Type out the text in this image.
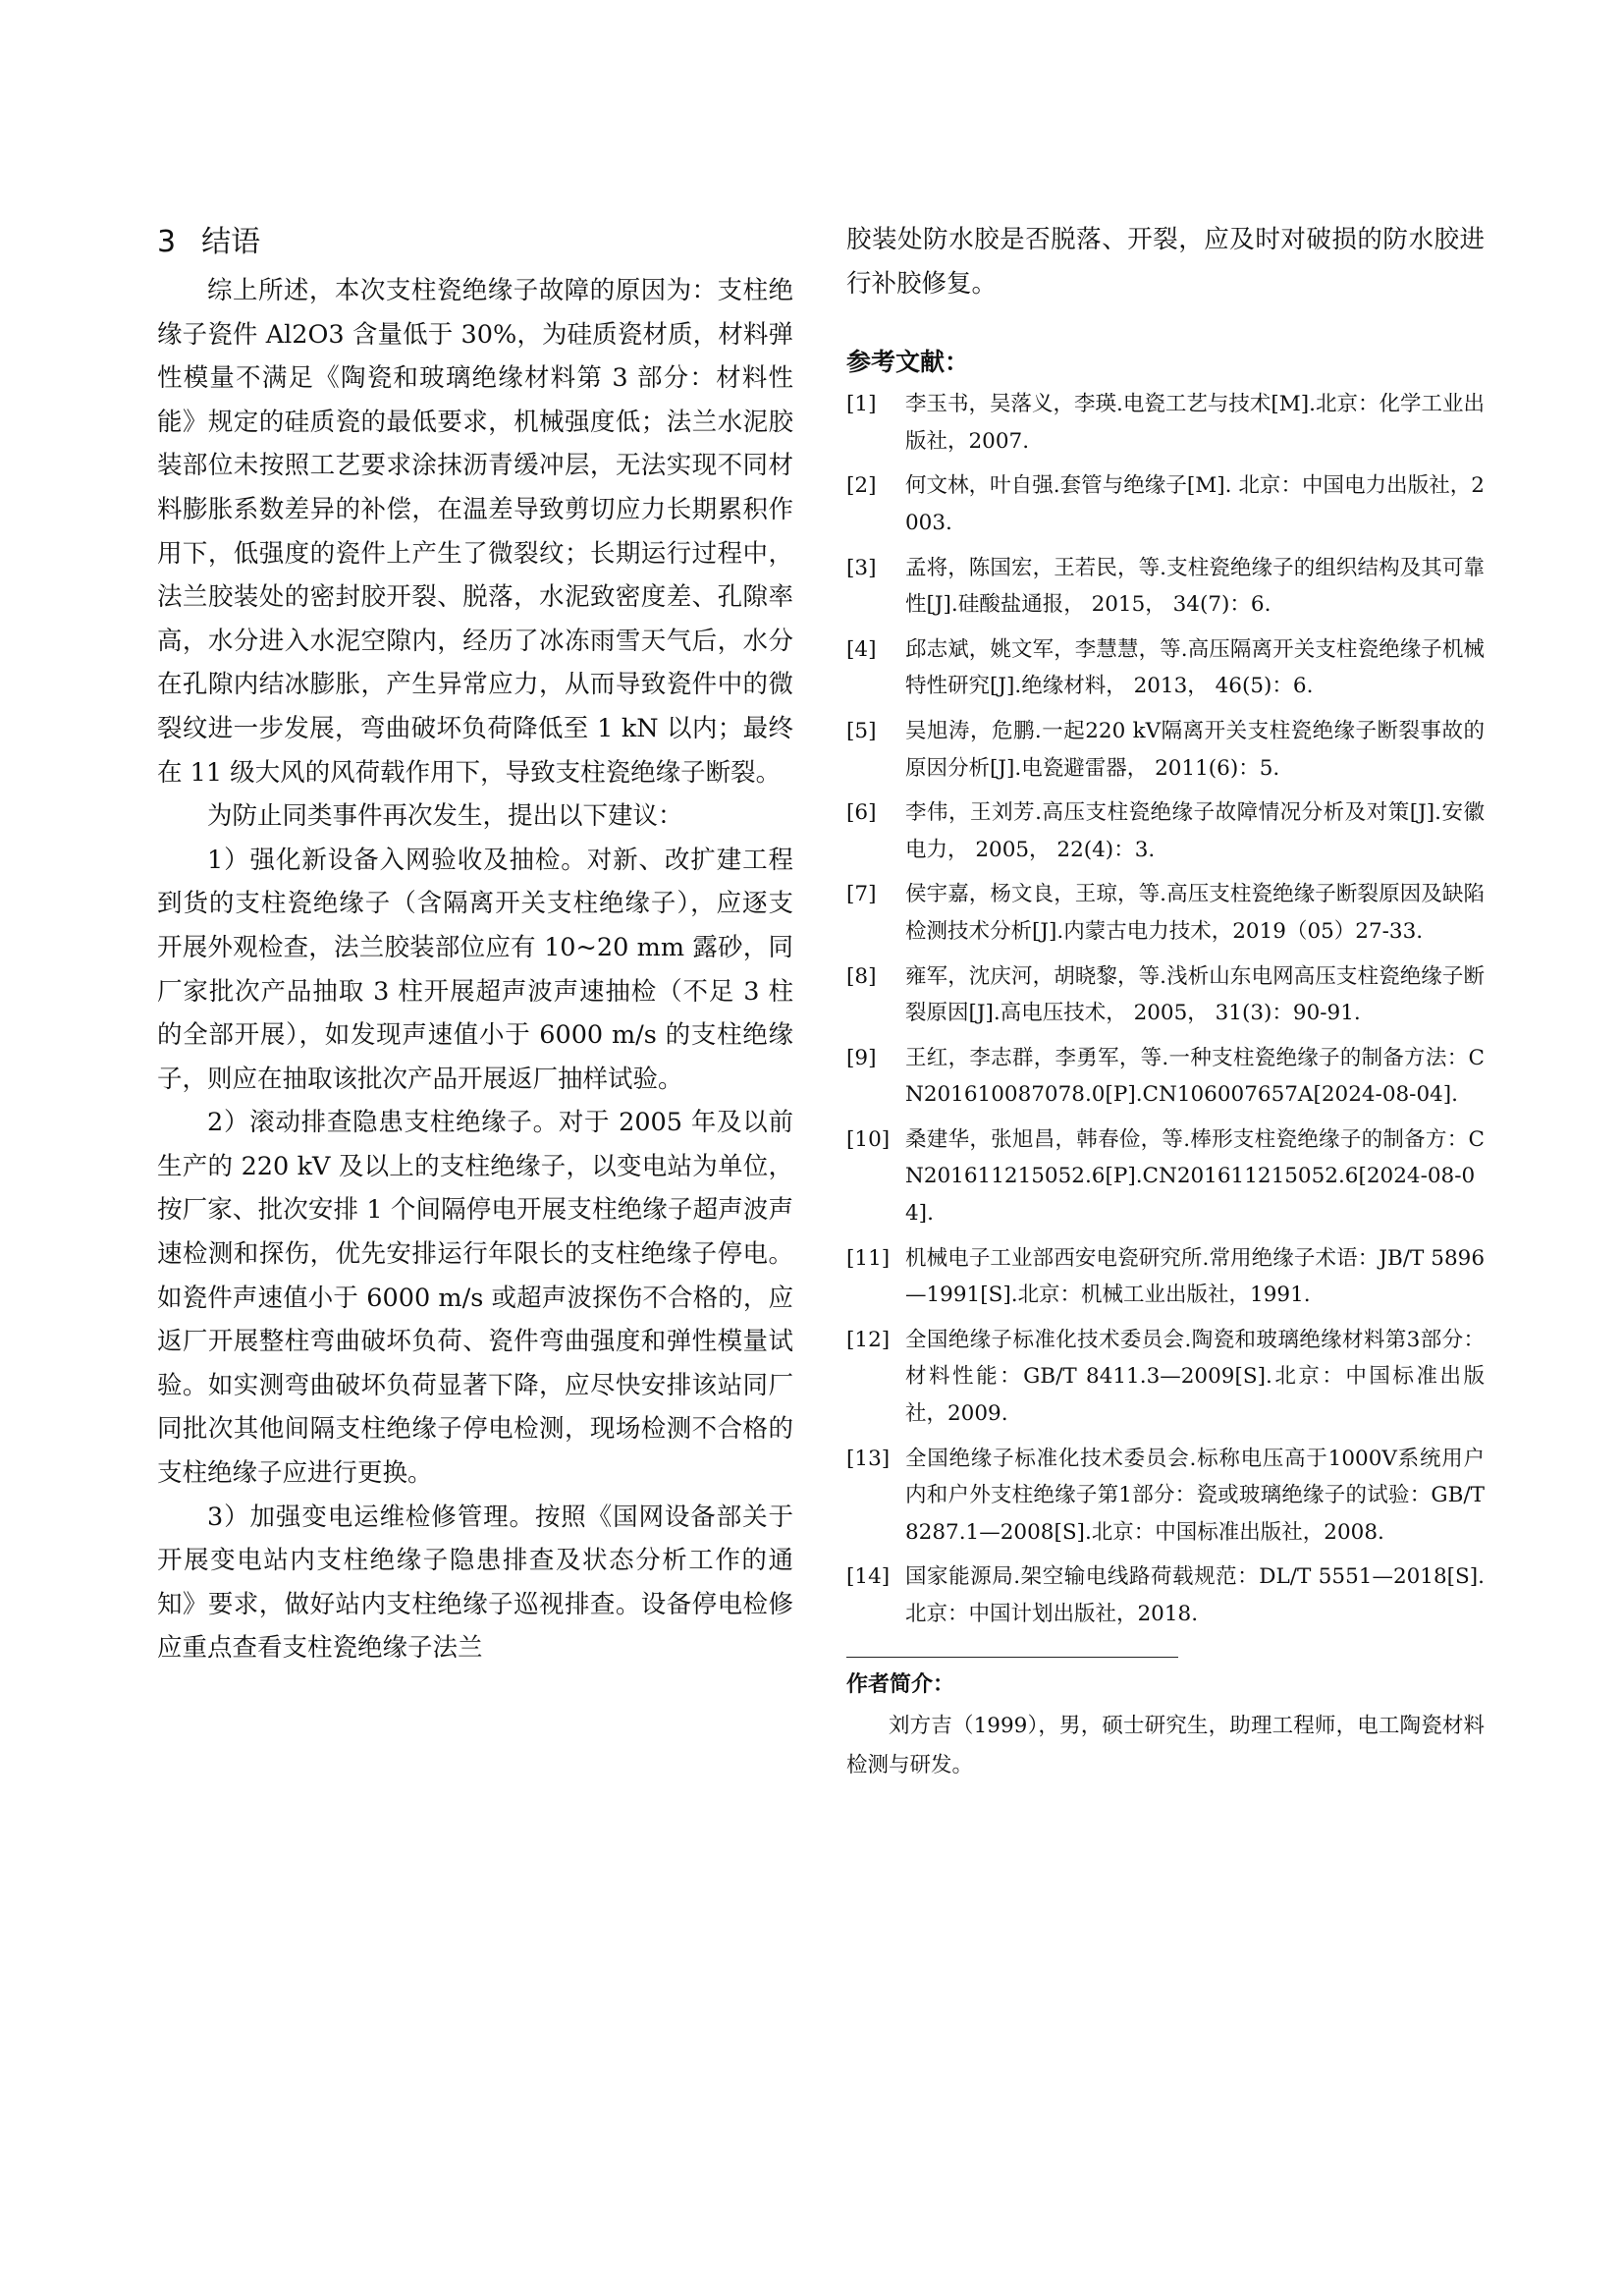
3 结语

综上所述，本次支柱瓷绝缘子故障的原因为：支柱绝缘子瓷件 Al2O3 含量低于 30%，为硅质瓷材质，材料弹性模量不满足《陶瓷和玻璃绝缘材料第 3 部分：材料性能》规定的硅质瓷的最低要求，机械强度低；法兰水泥胶装部位未按照工艺要求涂抹沥青缓冲层，无法实现不同材料膨胀系数差异的补偿，在温差导致剪切应力长期累积作用下，低强度的瓷件上产生了微裂纹；长期运行过程中，法兰胶装处的密封胶开裂、脱落，水泥致密度差、孔隙率高，水分进入水泥空隙内，经历了冰冻雨雪天气后，水分在孔隙内结冰膨胀，产生异常应力，从而导致瓷件中的微裂纹进一步发展，弯曲破坏负荷降低至 1 kN 以内；最终在 11 级大风的风荷载作用下，导致支柱瓷绝缘子断裂。

为防止同类事件再次发生，提出以下建议：

1）强化新设备入网验收及抽检。对新、改扩建工程到货的支柱瓷绝缘子（含隔离开关支柱绝缘子），应逐支开展外观检查，法兰胶装部位应有 10~20 mm 露砂，同厂家批次产品抽取 3 柱开展超声波声速抽检（不足 3 柱的全部开展），如发现声速值小于 6000 m/s 的支柱绝缘子，则应在抽取该批次产品开展返厂抽样试验。

2）滚动排查隐患支柱绝缘子。对于 2005 年及以前生产的 220 kV 及以上的支柱绝缘子，以变电站为单位，按厂家、批次安排 1 个间隔停电开展支柱绝缘子超声波声速检测和探伤，优先安排运行年限长的支柱绝缘子停电。如瓷件声速值小于 6000 m/s 或超声波探伤不合格的，应返厂开展整柱弯曲破坏负荷、瓷件弯曲强度和弹性模量试验。如实测弯曲破坏负荷显著下降，应尽快安排该站同厂同批次其他间隔支柱绝缘子停电检测，现场检测不合格的支柱绝缘子应进行更换。

3）加强变电运维检修管理。按照《国网设备部关于开展变电站内支柱绝缘子隐患排查及状态分析工作的通知》要求，做好站内支柱绝缘子巡视排查。设备停电检修应重点查看支柱瓷绝缘子法兰

胶装处防水胶是否脱落、开裂，应及时对破损的防水胶进行补胶修复。

参考文献：
[1]	李玉书，吴落义，李瑛.电瓷工艺与技术[M].北京：化学工业出版社，2007.
[2]	何文林，叶自强.套管与绝缘子[M]. 北京：中国电力出版社，2003.
[3]	孟将，陈国宏，王若民，等.支柱瓷绝缘子的组织结构及其可靠性[J].硅酸盐通报， 2015， 34(7)：6.
[4]	邱志斌，姚文军，李慧慧，等.高压隔离开关支柱瓷绝缘子机械特性研究[J].绝缘材料， 2013， 46(5)：6.
[5]	吴旭涛，危鹏.一起220 kV隔离开关支柱瓷绝缘子断裂事故的原因分析[J].电瓷避雷器， 2011(6)：5.
[6]	李伟，王刘芳.高压支柱瓷绝缘子故障情况分析及对策[J].安徽电力， 2005， 22(4)：3.
[7]	侯宇嘉，杨文良，王琼，等.高压支柱瓷绝缘子断裂原因及缺陷检测技术分析[J].内蒙古电力技术，2019（05）27-33.
[8]	雍军，沈庆河，胡晓黎，等.浅析山东电网高压支柱瓷绝缘子断裂原因[J].高电压技术， 2005， 31(3)：90-91.
[9]	王红，李志群，李勇军，等.一种支柱瓷绝缘子的制备方法：CN201610087078.0[P].CN106007657A[2024-08-04].
[10] 桑建华，张旭昌，韩春俭，等.棒形支柱瓷绝缘子的制备方：CN201611215052.6[P].CN201611215052.6[2024-08-04].
[11] 机械电子工业部西安电瓷研究所.常用绝缘子术语：JB/T 5896—1991[S].北京：机械工业出版社，1991.
[12] 全国绝缘子标准化技术委员会.陶瓷和玻璃绝缘材料第3部分：材料性能：GB/T 8411.3—2009[S].北京：中国标准出版社，2009.
[13] 全国绝缘子标准化技术委员会.标称电压高于1000V系统用户内和户外支柱绝缘子第1部分：瓷或玻璃绝缘子的试验：GB/T 8287.1—2008[S].北京：中国标准出版社，2008.
[14] 国家能源局.架空输电线路荷载规范：DL/T 5551—2018[S].北京：中国计划出版社，2018.
作者简介：

刘方吉（1999），男，硕士研究生，助理工程师，电工陶瓷材料检测与研发。
